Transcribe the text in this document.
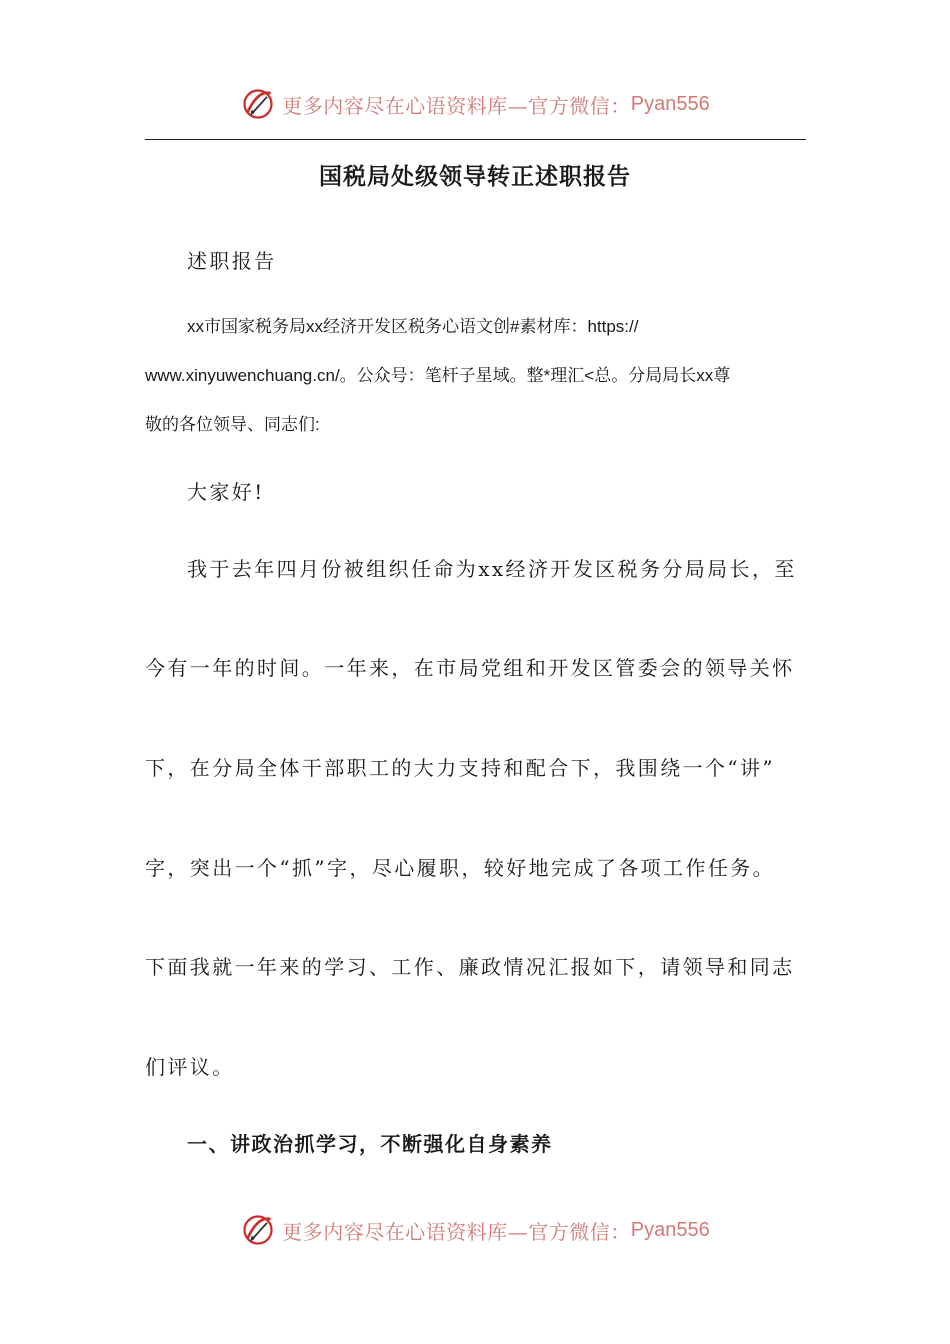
更多内容尽在心语资料库—官方微信： Pyan556
国税局处级领导转正述职报告

述职报告

xx市国家税务局xx经济开发区税务心语文创#素材库：https://

www.xinyuwenchuang.cn/。公众号：笔杆子星域。整*理汇<总。分局局长xx尊

敬的各位领导、同志们:

大家好!

我于去年四月份被组织任命为xx经济开发区税务分局局长，至

今有一年的时间。一年来，在市局党组和开发区管委会的领导关怀

下，在分局全体干部职工的大力支持和配合下，我围绕一个“讲”

字，突出一个“抓”字，尽心履职，较好地完成了各项工作任务。

下面我就一年来的学习、工作、廉政情况汇报如下，请领导和同志

们评议。

一、讲政治抓学习，不断强化自身素养

更多内容尽在心语资料库—官方微信： Pyan556
